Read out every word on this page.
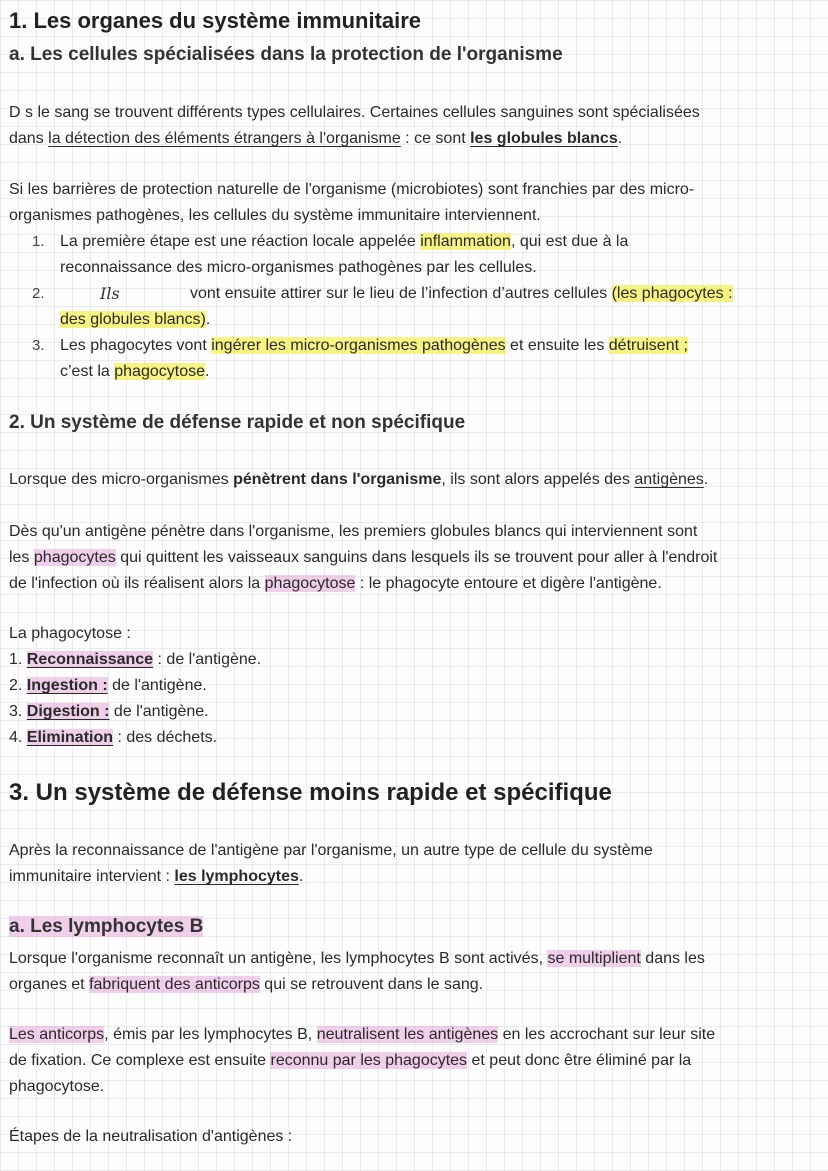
1. Les organes du système immunitaire
a. Les cellules spécialisées dans la protection de l'organisme
D s le sang se trouvent différents types cellulaires. Certaines cellules sanguines sont spécialisées
dans la détection des éléments étrangers à l'organisme : ce sont les globules blancs.
Si les barrières de protection naturelle de l'organisme (microbiotes) sont franchies par des micro-
organismes pathogènes, les cellules du système immunitaire interviennent.
1. La première étape est une réaction locale appelée inflammation, qui est due à la
reconnaissance des micro-organismes pathogènes par les cellules.
2.	Ils	vont ensuite attirer sur le lieu de l’infection d’autres cellules (les phagocytes :
des globules blancs).
3. Les phagocytes vont ingérer les micro-organismes pathogènes et ensuite les détruisent ;
c’est la phagocytose.
2. Un système de défense rapide et non spécifique
Lorsque des micro-organismes pénètrent dans l'organisme, ils sont alors appelés des antigènes.
Dès qu'un antigène pénètre dans l'organisme, les premiers globules blancs qui interviennent sont
les phagocytes qui quittent les vaisseaux sanguins dans lesquels ils se trouvent pour aller à l'endroit
de l'infection où ils réalisent alors la phagocytose : le phagocyte entoure et digère l'antigène.
La phagocytose :
1. Reconnaissance : de l'antigène.
2. Ingestion : de l'antigène.
3. Digestion : de l'antigène.
4. Elimination : des déchets.
3. Un système de défense moins rapide et spécifique
Après la reconnaissance de l'antigène par l'organisme, un autre type de cellule du système
immunitaire intervient : les lymphocytes.
a. Les lymphocytes B
Lorsque l'organisme reconnaît un antigène, les lymphocytes B sont activés, se multiplient dans les
organes et fabriquent des anticorps qui se retrouvent dans le sang.
Les anticorps, émis par les lymphocytes B, neutralisent les antigènes en les accrochant sur leur site
de fixation. Ce complexe est ensuite reconnu par les phagocytes et peut donc être éliminé par la
phagocytose.
Étapes de la neutralisation d'antigènes :
